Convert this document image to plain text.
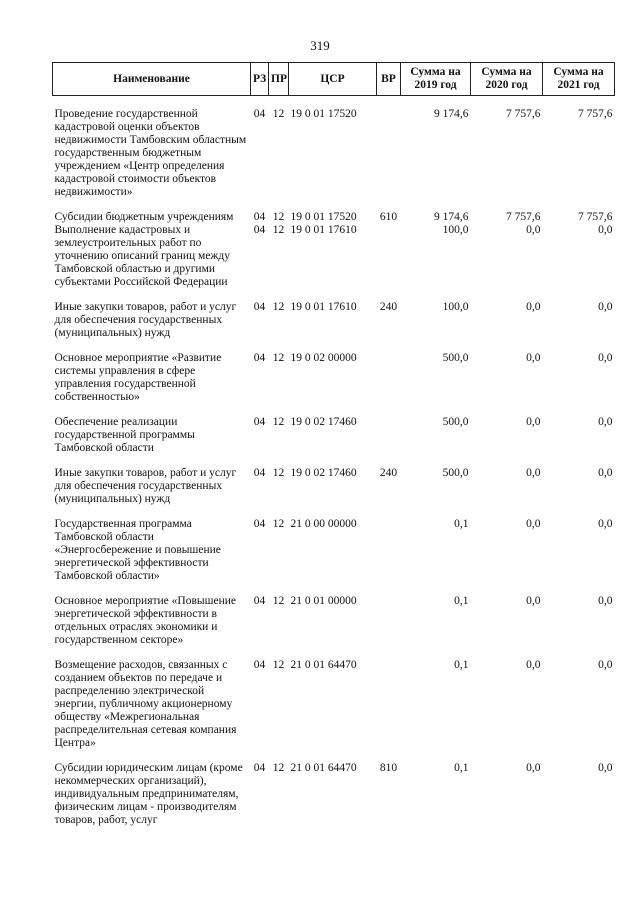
319
Наименование	РЗ	ПР	ЦСР	ВР	Сумма на 2019 год	Сумма на 2020 год	Сумма на 2021 год

Проведение государственной кадастровой оценки объектов недвижимости Тамбовским областным государственным бюджетным учреждением «Центр определения кадастровой стоимости объектов недвижимости»	04	12	19 0 01 17520		9 174,6	7 757,6	7 757,6

Субсидии бюджетным учреждениям	04	12	19 0 01 17520	610	9 174,6	7 757,6	7 757,6
Выполнение кадастровых и землеустроительных работ по уточнению описаний границ между Тамбовской областью и другими субъектами Российской Федерации	04	12	19 0 01 17610		100,0	0,0	0,0

Иные закупки товаров, работ и услуг для обеспечения государственных (муниципальных) нужд	04	12	19 0 01 17610	240	100,0	0,0	0,0

Основное мероприятие «Развитие системы управления в сфере управления государственной собственностью»	04	12	19 0 02 00000		500,0	0,0	0,0

Обеспечение реализации государственной программы Тамбовской области	04	12	19 0 02 17460		500,0	0,0	0,0

Иные закупки товаров, работ и услуг для обеспечения государственных (муниципальных) нужд	04	12	19 0 02 17460	240	500,0	0,0	0,0

Государственная программа Тамбовской области «Энергосбережение и повышение энергетической эффективности Тамбовской области»	04	12	21 0 00 00000		0,1	0,0	0,0

Основное мероприятие «Повышение энергетической эффективности в отдельных отраслях экономики и государственном секторе»	04	12	21 0 01 00000		0,1	0,0	0,0

Возмещение расходов, связанных с созданием объектов по передаче и распределению электрической энергии, публичному акционерному обществу «Межрегиональная распределительная сетевая компания Центра»	04	12	21 0 01 64470		0,1	0,0	0,0

Субсидии юридическим лицам (кроме некоммерческих организаций), индивидуальным предпринимателям, физическим лицам - производителям товаров, работ, услуг	04	12	21 0 01 64470	810	0,1	0,0	0,0
